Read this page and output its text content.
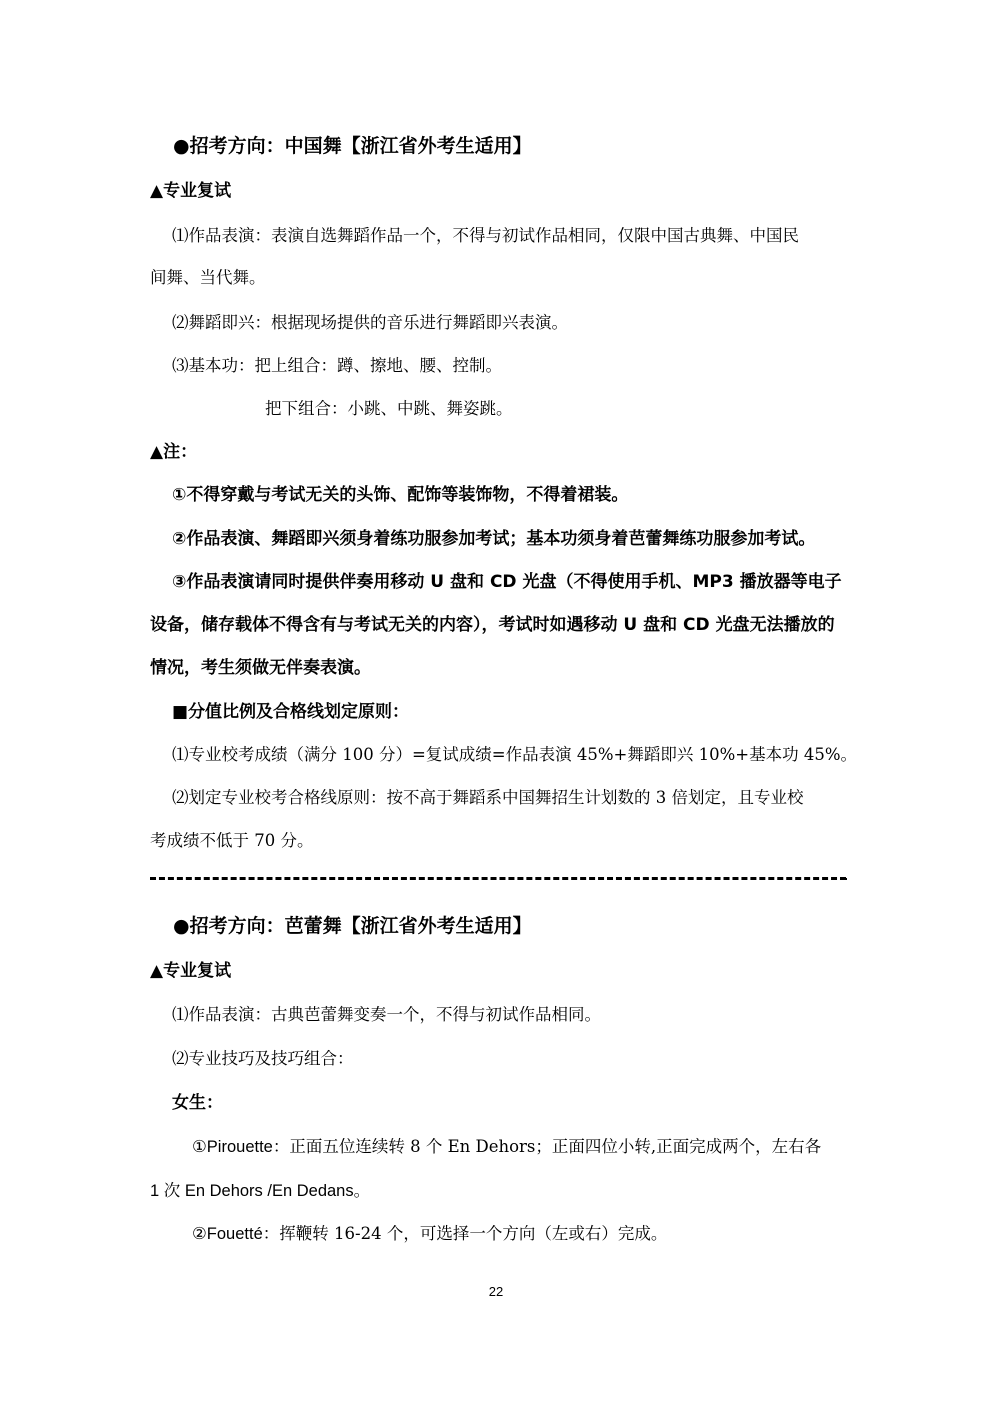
●招考方向：中国舞【浙江省外考生适用】
▲专业复试
⑴作品表演：表演自选舞蹈作品一个，不得与初试作品相同，仅限中国古典舞、中国民
间舞、当代舞。
⑵舞蹈即兴：根据现场提供的音乐进行舞蹈即兴表演。
⑶基本功：把上组合：蹲、擦地、腰、控制。
把下组合：小跳、中跳、舞姿跳。
▲注：
①不得穿戴与考试无关的头饰、配饰等装饰物，不得着裙装。
②作品表演、舞蹈即兴须身着练功服参加考试；基本功须身着芭蕾舞练功服参加考试。
③作品表演请同时提供伴奏用移动 U 盘和 CD 光盘（不得使用手机、MP3 播放器等电子
设备，储存载体不得含有与考试无关的内容），考试时如遇移动 U 盘和 CD 光盘无法播放的
情况，考生须做无伴奏表演。
■分值比例及合格线划定原则：
⑴专业校考成绩（满分 100 分）=复试成绩=作品表演 45%+舞蹈即兴 10%+基本功 45%。
⑵划定专业校考合格线原则：按不高于舞蹈系中国舞招生计划数的 3 倍划定，且专业校
考成绩不低于 70 分。
●招考方向：芭蕾舞【浙江省外考生适用】
▲专业复试
⑴作品表演：古典芭蕾舞变奏一个，不得与初试作品相同。
⑵专业技巧及技巧组合：
女生：
①Pirouette：正面五位连续转 8 个 En Dehors；正面四位小转,正面完成两个，左右各
1 次 En Dehors /En Dedans。
②Fouetté：挥鞭转 16-24 个，可选择一个方向（左或右）完成。
22
